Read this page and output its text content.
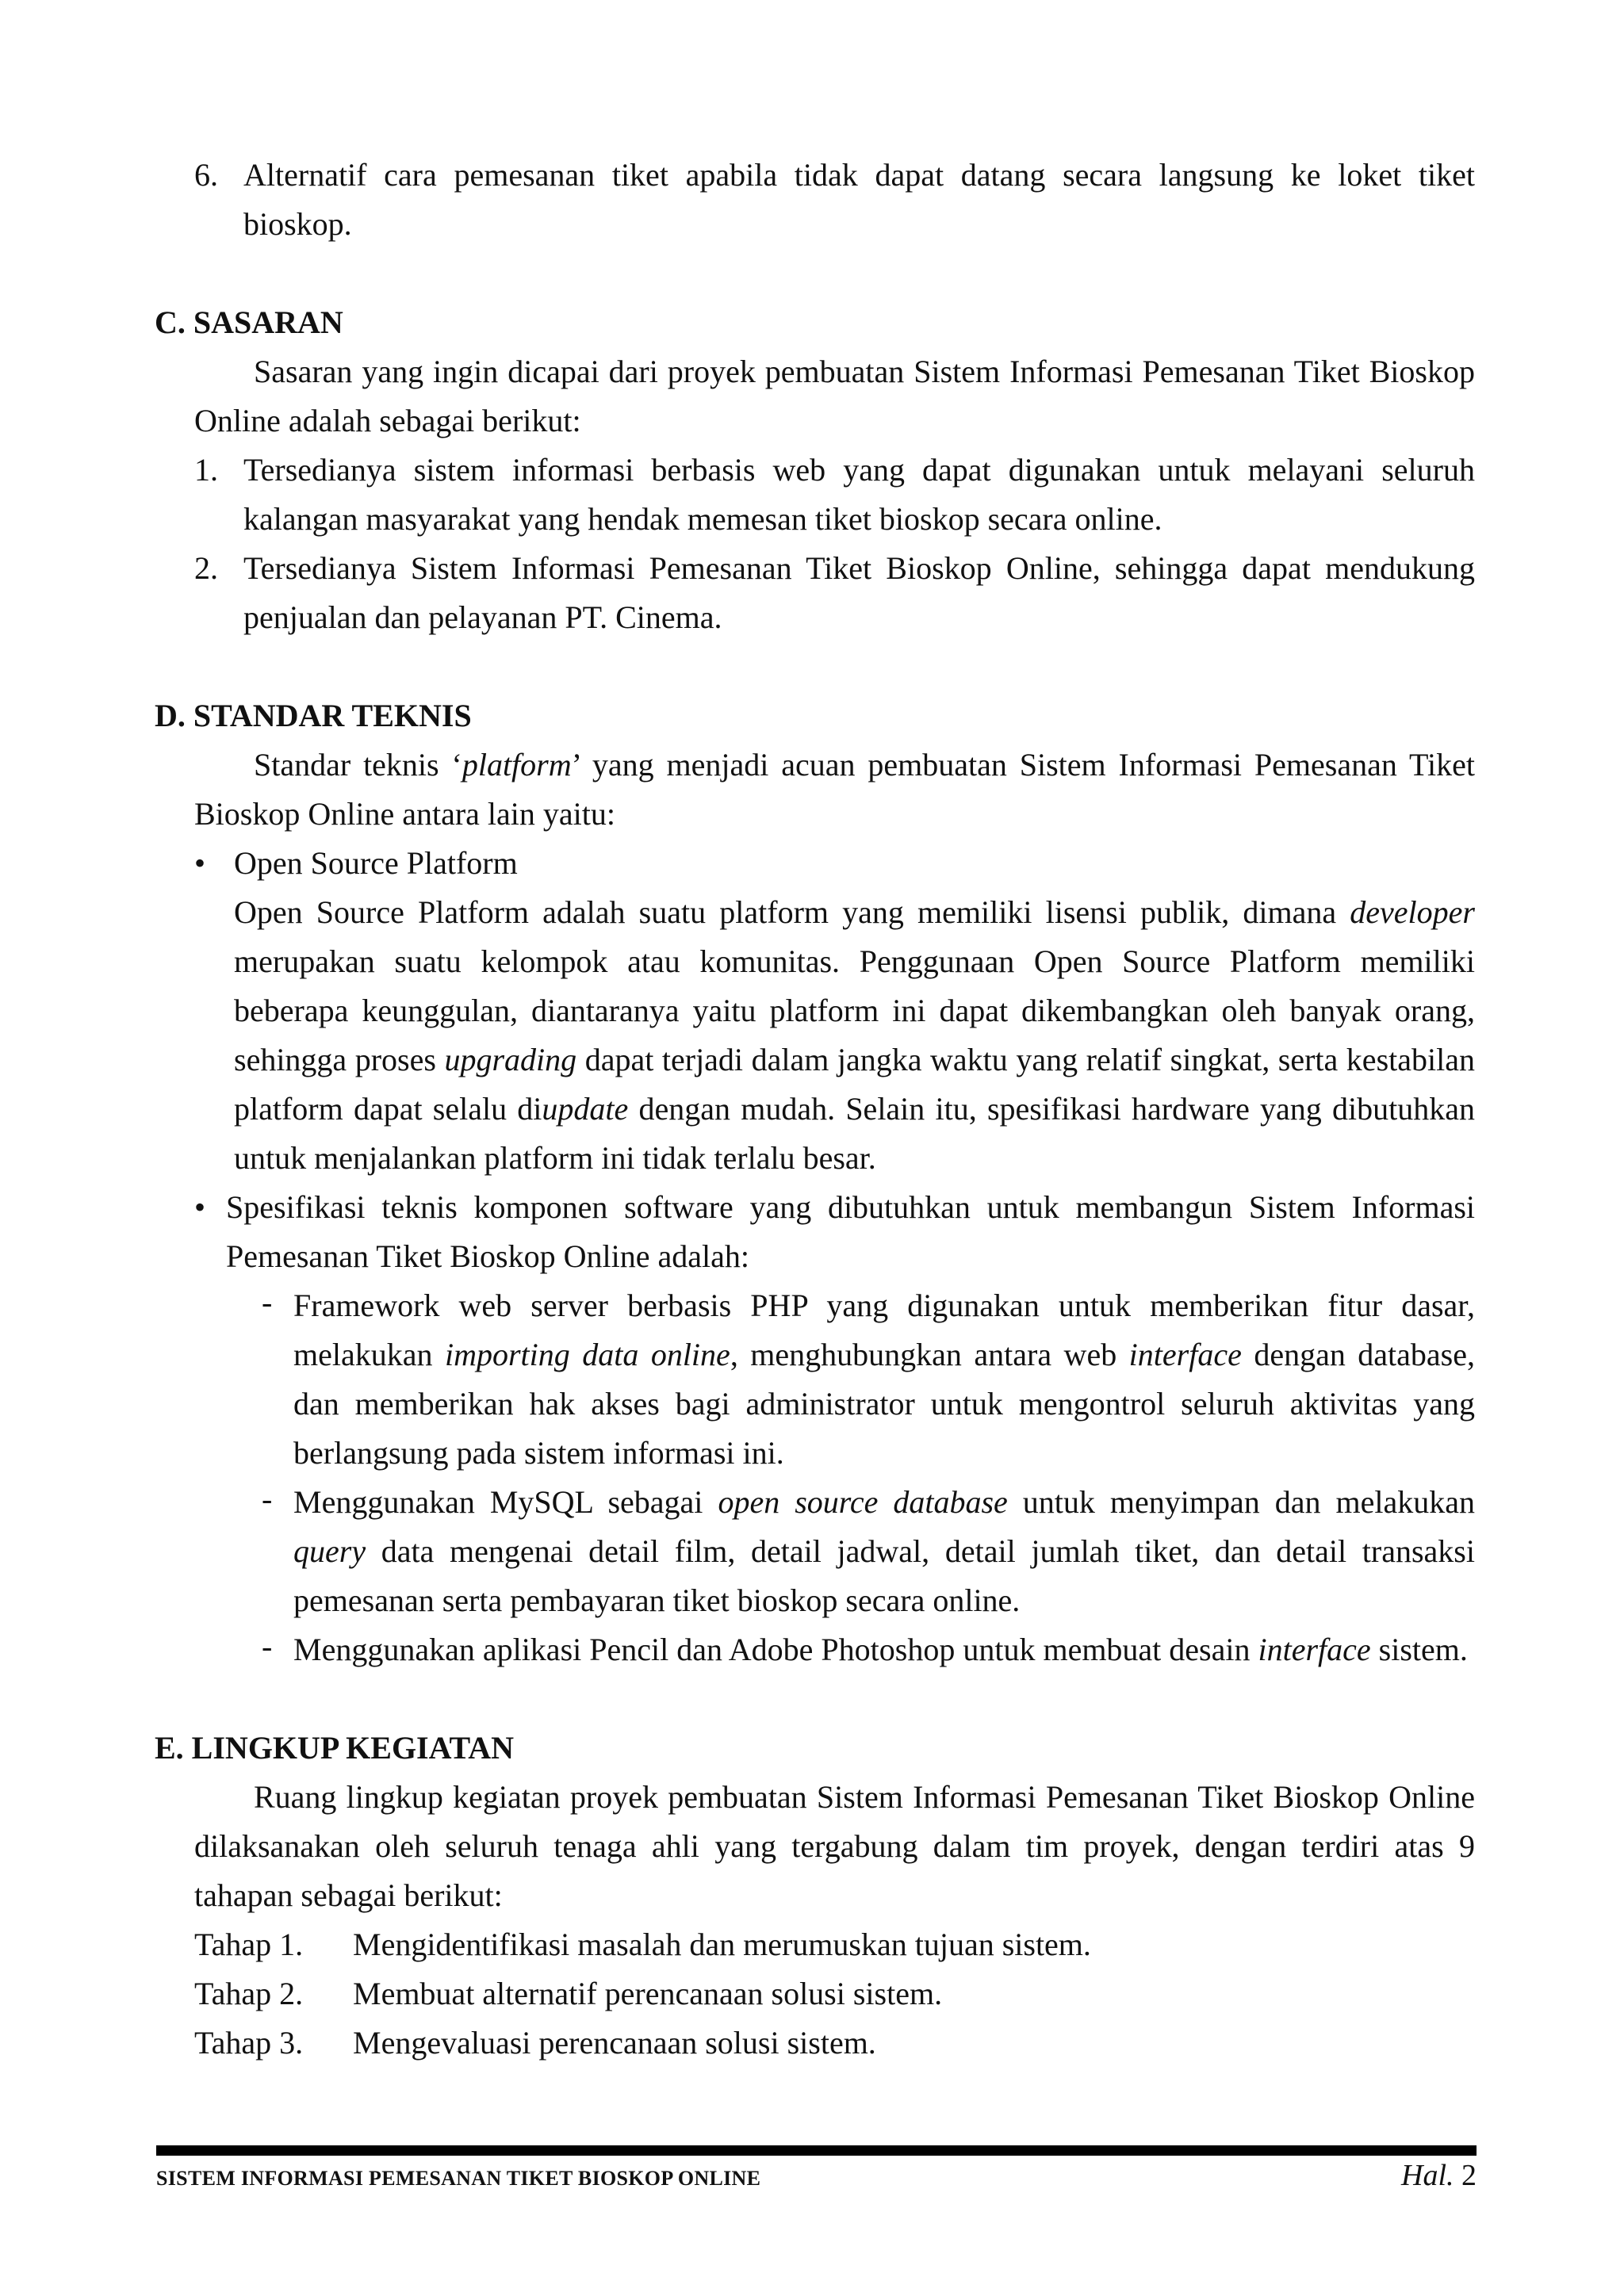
6. Alternatif cara pemesanan tiket apabila tidak dapat datang secara langsung ke loket tiket bioskop.
C. SASARAN
Sasaran yang ingin dicapai dari proyek pembuatan Sistem Informasi Pemesanan Tiket Bioskop Online adalah sebagai berikut:
1. Tersedianya sistem informasi berbasis web yang dapat digunakan untuk melayani seluruh kalangan masyarakat yang hendak memesan tiket bioskop secara online.
2. Tersedianya Sistem Informasi Pemesanan Tiket Bioskop Online, sehingga dapat mendukung penjualan dan pelayanan PT. Cinema.
D. STANDAR TEKNIS
Standar teknis ‘platform’ yang menjadi acuan pembuatan Sistem Informasi Pemesanan Tiket Bioskop Online antara lain yaitu:
• Open Source Platform
Open Source Platform adalah suatu platform yang memiliki lisensi publik, dimana developer merupakan suatu kelompok atau komunitas. Penggunaan Open Source Platform memiliki beberapa keunggulan, diantaranya yaitu platform ini dapat dikembangkan oleh banyak orang, sehingga proses upgrading dapat terjadi dalam jangka waktu yang relatif singkat, serta kestabilan platform dapat selalu diupdate dengan mudah. Selain itu, spesifikasi hardware yang dibutuhkan untuk menjalankan platform ini tidak terlalu besar.
• Spesifikasi teknis komponen software yang dibutuhkan untuk membangun Sistem Informasi Pemesanan Tiket Bioskop Online adalah:
- Framework web server berbasis PHP yang digunakan untuk memberikan fitur dasar, melakukan importing data online, menghubungkan antara web interface dengan database, dan memberikan hak akses bagi administrator untuk mengontrol seluruh aktivitas yang berlangsung pada sistem informasi ini.
- Menggunakan MySQL sebagai open source database untuk menyimpan dan melakukan query data mengenai detail film, detail jadwal, detail jumlah tiket, dan detail transaksi pemesanan serta pembayaran tiket bioskop secara online.
- Menggunakan aplikasi Pencil dan Adobe Photoshop untuk membuat desain interface sistem.
E. LINGKUP KEGIATAN
Ruang lingkup kegiatan proyek pembuatan Sistem Informasi Pemesanan Tiket Bioskop Online dilaksanakan oleh seluruh tenaga ahli yang tergabung dalam tim proyek, dengan terdiri atas 9 tahapan sebagai berikut:
Tahap 1.	Mengidentifikasi masalah dan merumuskan tujuan sistem.
Tahap 2.	Membuat alternatif perencanaan solusi sistem.
Tahap 3.	Mengevaluasi perencanaan solusi sistem.
SISTEM INFORMASI PEMESANAN TIKET BIOSKOP ONLINE	Hal. 2
